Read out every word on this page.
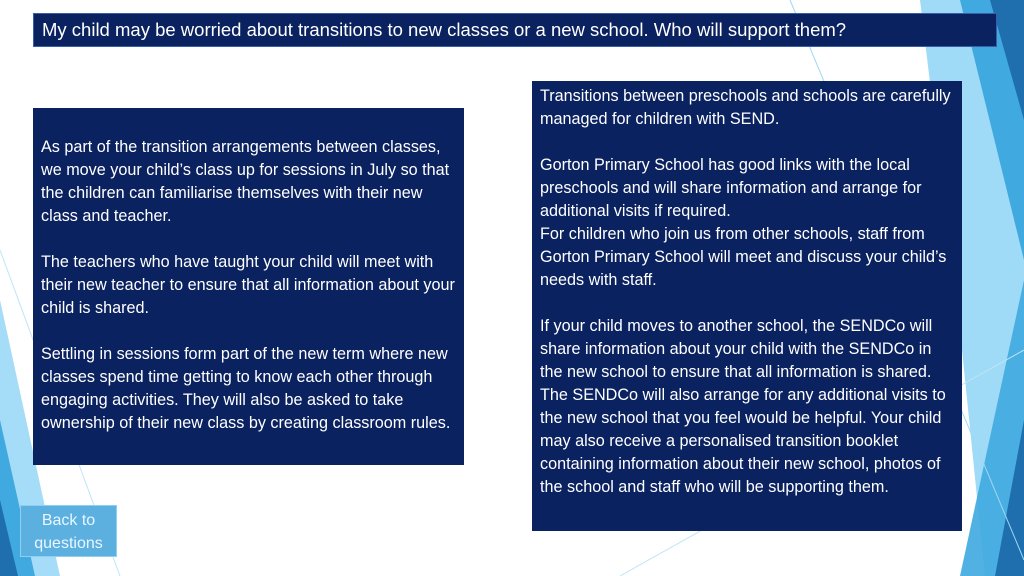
My child may be worried about transitions to new classes or a new school. Who will support them?

As part of the transition arrangements between classes, we move your child’s class up for sessions in July so that the children can familiarise themselves with their new class and teacher.

The teachers who have taught your child will meet with their new teacher to ensure that all information about your child is shared.

Settling in sessions form part of the new term where new classes spend time getting to know each other through engaging activities. They will also be asked to take ownership of their new class by creating classroom rules.

Transitions between preschools and schools are carefully managed for children with SEND.

Gorton Primary School has good links with the local preschools and will share information and arrange for additional visits if required.

For children who join us from other schools, staff from Gorton Primary School will meet and discuss your child’s needs with staff.

If your child moves to another school, the SENDCo will share information about your child with the SENDCo in the new school to ensure that all information is shared. The SENDCo will also arrange for any additional visits to the new school that you feel would be helpful. Your child may also receive a personalised transition booklet containing information about their new school, photos of the school and staff who will be supporting them.

Back to
questions
